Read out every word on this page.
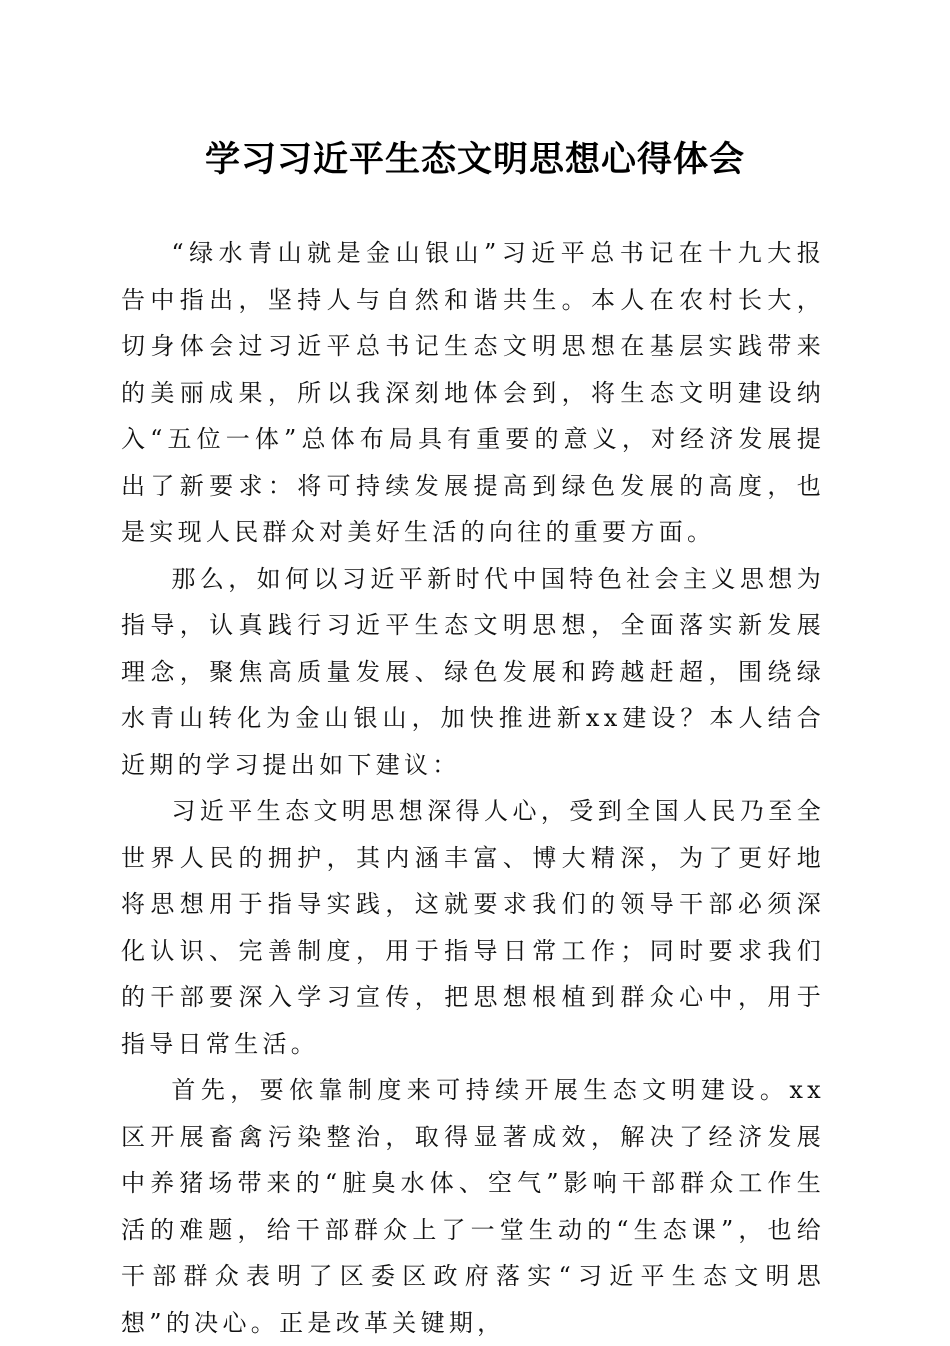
学习习近平生态文明思想心得体会

“绿水青山就是金山银山”习近平总书记在十九大报告中指出，坚持人与自然和谐共生。本人在农村长大，切身体会过习近平总书记生态文明思想在基层实践带来的美丽成果，所以我深刻地体会到，将生态文明建设纳入“五位一体”总体布局具有重要的意义，对经济发展提出了新要求：将可持续发展提高到绿色发展的高度，也是实现人民群众对美好生活的向往的重要方面。

那么，如何以习近平新时代中国特色社会主义思想为指导，认真践行习近平生态文明思想，全面落实新发展理念，聚焦高质量发展、绿色发展和跨越赶超，围绕绿水青山转化为金山银山，加快推进新xx建设？本人结合近期的学习提出如下建议：

习近平生态文明思想深得人心，受到全国人民乃至全世界人民的拥护，其内涵丰富、博大精深，为了更好地将思想用于指导实践，这就要求我们的领导干部必须深化认识、完善制度，用于指导日常工作；同时要求我们的干部要深入学习宣传，把思想根植到群众心中，用于指导日常生活。

首先，要依靠制度来可持续开展生态文明建设。xx区开展畜禽污染整治，取得显著成效，解决了经济发展中养猪场带来的“脏臭水体、空气”影响干部群众工作生活的难题，给干部群众上了一堂生动的“生态课”，也给干部群众表明了区委区政府落实“习近平生态文明思想”的决心。正是改革关键期，
